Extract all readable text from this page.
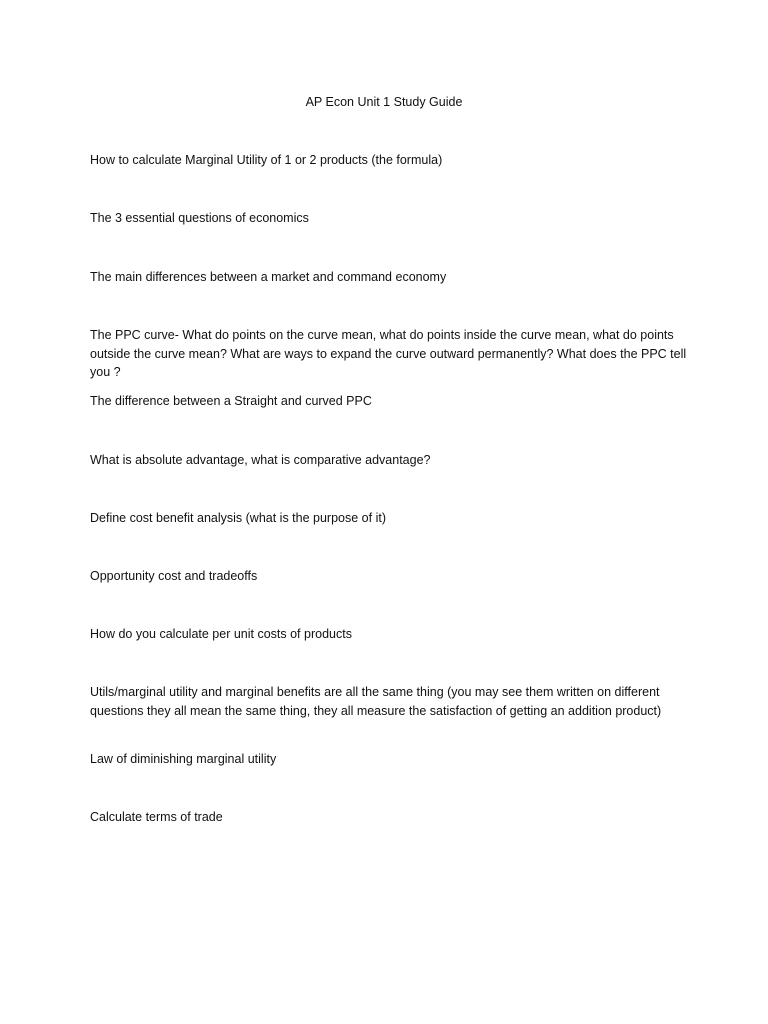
AP Econ Unit 1 Study Guide
How to calculate Marginal Utility of 1 or 2 products (the formula)
The 3 essential questions of economics
The main differences between a market and command economy
The PPC curve- What do points on the curve mean, what do points inside the curve mean, what do points outside the curve mean? What are ways to expand the curve outward permanently? What does the PPC tell you ?
The difference between a Straight and curved PPC
What is absolute advantage, what is comparative advantage?
Define cost benefit analysis (what is the purpose of it)
Opportunity cost and tradeoffs
How do you calculate per unit costs of products
Utils/marginal utility and marginal benefits are all the same thing (you may see them written on different questions they all mean the same thing, they all measure the satisfaction of getting an addition product)
Law of diminishing marginal utility
Calculate terms of trade
